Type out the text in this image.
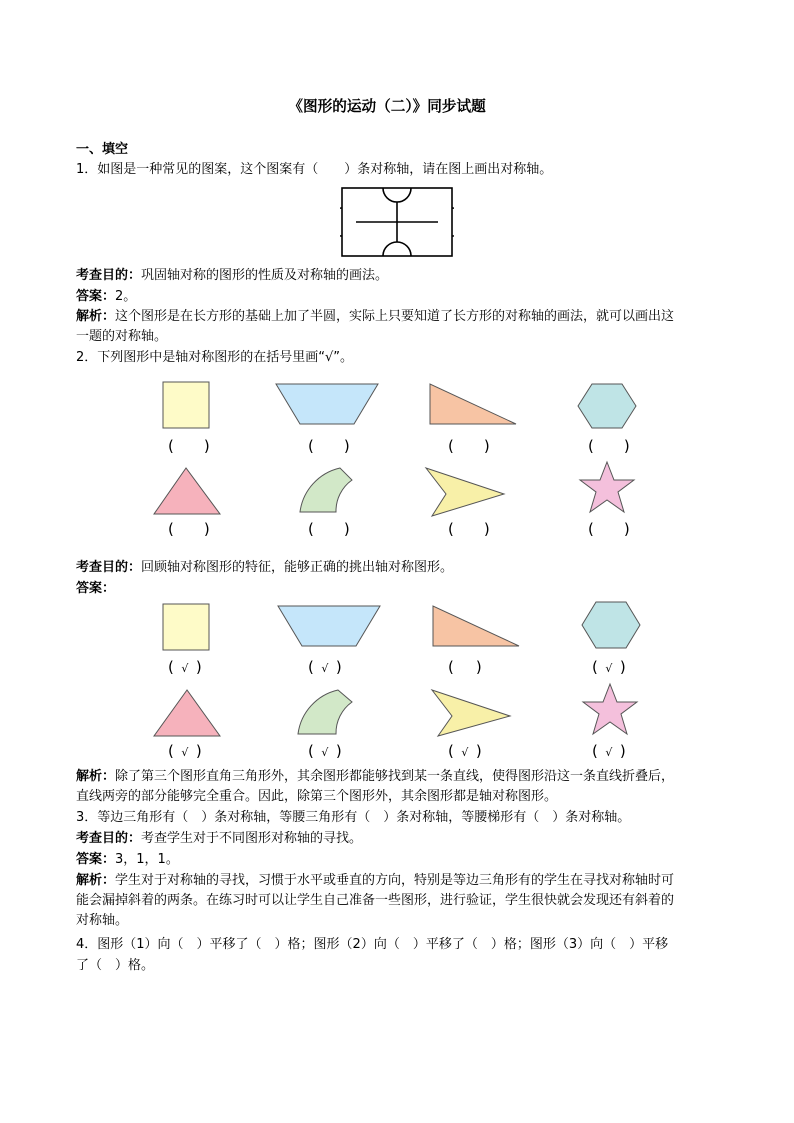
《图形的运动（二）》同步试题
一、填空
1．如图是一种常见的图案，这个图案有（　　）条对称轴，请在图上画出对称轴。
考查目的：巩固轴对称的图形的性质及对称轴的画法。
答案：2。
解析：这个图形是在长方形的基础上加了半圆，实际上只要知道了长方形的对称轴的画法，就可以画出这
一题的对称轴。
2．下列图形中是轴对称图形的在括号里画“√”。
(　　)	(　　)	(　　)	(　　)
(　　)	(　　)	(　　)	(　　)
考查目的：回顾轴对称图形的特征，能够正确的挑出轴对称图形。
答案：
( √ )	( √ )	( )	( √ )
( √ )	( √ )	( √ )	( √ )
解析：除了第三个图形直角三角形外，其余图形都能够找到某一条直线，使得图形沿这一条直线折叠后，
直线两旁的部分能够完全重合。因此，除第三个图形外，其余图形都是轴对称图形。
3．等边三角形有（　）条对称轴，等腰三角形有（　）条对称轴，等腰梯形有（　）条对称轴。
考查目的：考查学生对于不同图形对称轴的寻找。
答案：3，1，1。
解析：学生对于对称轴的寻找，习惯于水平或垂直的方向，特别是等边三角形有的学生在寻找对称轴时可
能会漏掉斜着的两条。在练习时可以让学生自己准备一些图形，进行验证，学生很快就会发现还有斜着的
对称轴。
4．图形（1）向（　）平移了（　）格；图形（2）向（　）平移了（　）格；图形（3）向（　）平移
了（　）格。
